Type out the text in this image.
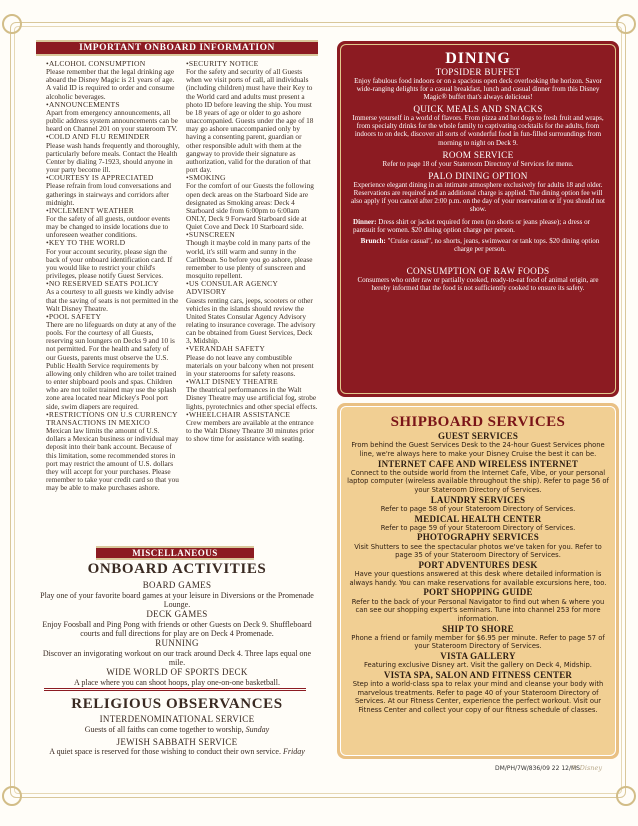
IMPORTANT ONBOARD INFORMATION
•ALCOHOL CONSUMPTION

Please remember that the legal drinking age aboard the Disney Magic is 21 years of age. A valid ID is required to order and consume alcoholic beverages.

•ANNOUNCEMENTS

Apart from emergency announcements, all public address system announcements can be heard on Channel 201 on your stateroom TV.

•COLD AND FLU REMINDER

Please wash hands frequently and thoroughly, particularly before meals. Contact the Health Center by dialing 7-1923, should anyone in your party become ill.

•COURTESY IS APPRECIATED

Please refrain from loud conversations and gatherings in stairways and corridors after midnight.

•INCLEMENT WEATHER

For the safety of all guests, outdoor events may be changed to inside locations due to unforeseen weather conditions.

•KEY TO THE WORLD

For your account security, please sign the back of your onboard identification card. If you would like to restrict your child's privileges, please notify Guest Services.

•NO RESERVED SEATS POLICY

As a courtesy to all guests we kindly advise that the saving of seats is not permitted in the Walt Disney Theatre.

•POOL SAFETY

There are no lifeguards on duty at any of the pools. For the courtesy of all Guests, reserving sun loungers on Decks 9 and 10 is not permitted. For the health and safety of our Guests, parents must observe the U.S. Public Health Service requirements by allowing only children who are toilet trained to enter shipboard pools and spas. Children who are not toilet trained may use the splash zone area located near Mickey's Pool port side, swim diapers are required.

•RESTRICTIONS ON U.S CURRENCY TRANSACTIONS IN MEXICO

Mexican law limits the amount of U.S. dollars a Mexican business or individual may deposit into their bank account. Because of this limitation, some recommended stores in port may restrict the amount of U.S. dollars they will accept for your purchases. Please remember to take your credit card so that you may be able to make purchases ashore.

•SECURITY NOTICE

For the safety and security of all Guests when we visit ports of call, all individuals (including children) must have their Key to the World card and adults must present a photo ID before leaving the ship. You must be 18 years of age or older to go ashore unaccompanied. Guests under the age of 18 may go ashore unaccompanied only by having a consenting parent, guardian or other responsible adult with them at the gangway to provide their signature as authorization, valid for the duration of that port day.

•SMOKING

For the comfort of our Guests the following open deck areas on the Starboard Side are designated as Smoking areas: Deck 4 Starboard side from 6:00pm to 6:00am ONLY, Deck 9 Forward Starboard side at Quiet Cove and Deck 10 Starboard side.

•SUNSCREEN

Though it maybe cold in many parts of the world, it's still warm and sunny in the Caribbean. So before you go ashore, please remember to use plenty of sunscreen and mosquito repellent.

•US CONSULAR AGENCY ADVISORY

Guests renting cars, jeeps, scooters or other vehicles in the islands should review the United States Consular Agency Advisory relating to insurance coverage. The advisory can be obtained from Guest Services, Deck 3, Midship.

•VERANDAH SAFETY

Please do not leave any combustible materials on your balcony when not present in your staterooms for safety reasons.

•WALT DISNEY THEATRE

The theatrical performances in the Walt Disney Theatre may use artificial fog, strobe lights, pyrotechnics and other special effects.

•WHEELCHAIR ASSISTANCE

Crew members are available at the entrance to the Walt Disney Theatre 30 minutes prior to show time for assistance with seating.

MISCELLANEOUS
ONBOARD ACTIVITIES
BOARD GAMES
Play one of your favorite board games at your leisure in Diversions or the Promenade Lounge.
DECK GAMES
Enjoy Foosball and Ping Pong with friends or other Guests on Deck 9. Shuffleboard courts and full directions for play are on Deck 4 Promenade.
RUNNING
Discover an invigorating workout on our track around Deck 4. Three laps equal one mile.
WIDE WORLD OF SPORTS DECK
A place where you can shoot hoops, play one-on-one basketball.
RELIGIOUS OBSERVANCES
INTERDENOMINATIONAL SERVICE
Guests of all faiths can come together to worship, Sunday
JEWISH SABBATH SERVICE
A quiet space is reserved for those wishing to conduct their own service. Friday
DINING
TOPSIDER BUFFET
Enjoy fabulous food indoors or on a spacious open deck overlooking the horizon. Savor wide-ranging delights for a casual breakfast, lunch and casual dinner from this Disney Magic® buffet that's always delicious!
QUICK MEALS AND SNACKS
Immerse yourself in a world of flavors. From pizza and hot dogs to fresh fruit and wraps, from specialty drinks for the whole family to captivating cocktails for the adults, from indoors to on deck, discover all sorts of wonderful food in fun-filled surroundings from morning to night on Deck 9.
ROOM SERVICE
Refer to page 18 of your Stateroom Directory of Services for menu.
PALO DINING OPTION
Experience elegant dining in an intimate atmosphere exclusively for adults 18 and older. Reservations are required and an additional charge is applied. The dining option fee will also apply if you cancel after 2:00 p.m. on the day of your reservation or if you should not show.
Dinner: Dress shirt or jacket required for men (no shorts or jeans please); a dress or pantsuit for women. $20 dining option charge per person.
Brunch: "Cruise casual", no shorts, jeans, swimwear or tank tops. $20 dining option charge per person.
CONSUMPTION OF RAW FOODS
Consumers who order raw or partially cooked, ready-to-eat food of animal origin, are hereby informed that the food is not sufficiently cooked to ensure its safety.
SHIPBOARD SERVICES
GUEST SERVICES
From behind the Guest Services Desk to the 24-hour Guest Services phone line, we're always here to make your Disney Cruise the best it can be.
INTERNET CAFE AND WIRELESS INTERNET
Connect to the outside world from the Internet Cafe, Vibe, or your personal laptop computer (wireless available throughout the ship). Refer to page 56 of your Stateroom Directory of Services.
LAUNDRY SERVICES
Refer to page 58 of your Stateroom Directory of Services.
MEDICAL HEALTH CENTER
Refer to page 59 of your Stateroom Directory of Services.
PHOTOGRAPHY SERVICES
Visit Shutters to see the spectacular photos we've taken for you. Refer to page 35 of your Stateroom Directory of Services.
PORT ADVENTURES DESK
Have your questions answered at this desk where detailed information is always handy. You can make reservations for available excursions here, too.
PORT SHOPPING GUIDE
Refer to the back of your Personal Navigator to find out when & where you can see our shopping expert's seminars. Tune into channel 253 for more information.
SHIP TO SHORE
Phone a friend or family member for $6.95 per minute. Refer to page 57 of your Stateroom Directory of Services.
VISTA GALLERY
Featuring exclusive Disney art. Visit the gallery on Deck 4, Midship.
VISTA SPA, SALON AND FITNESS CENTER
Step into a world-class spa to relax your mind and cleanse your body with marvelous treatments. Refer to page 40 of your Stateroom Directory of Services. At our Fitness Center, experience the perfect workout. Visit our Fitness Center and collect your copy of our fitness schedule of classes.
DM/PH/7W/836/09 22 12/MS
© Disney
